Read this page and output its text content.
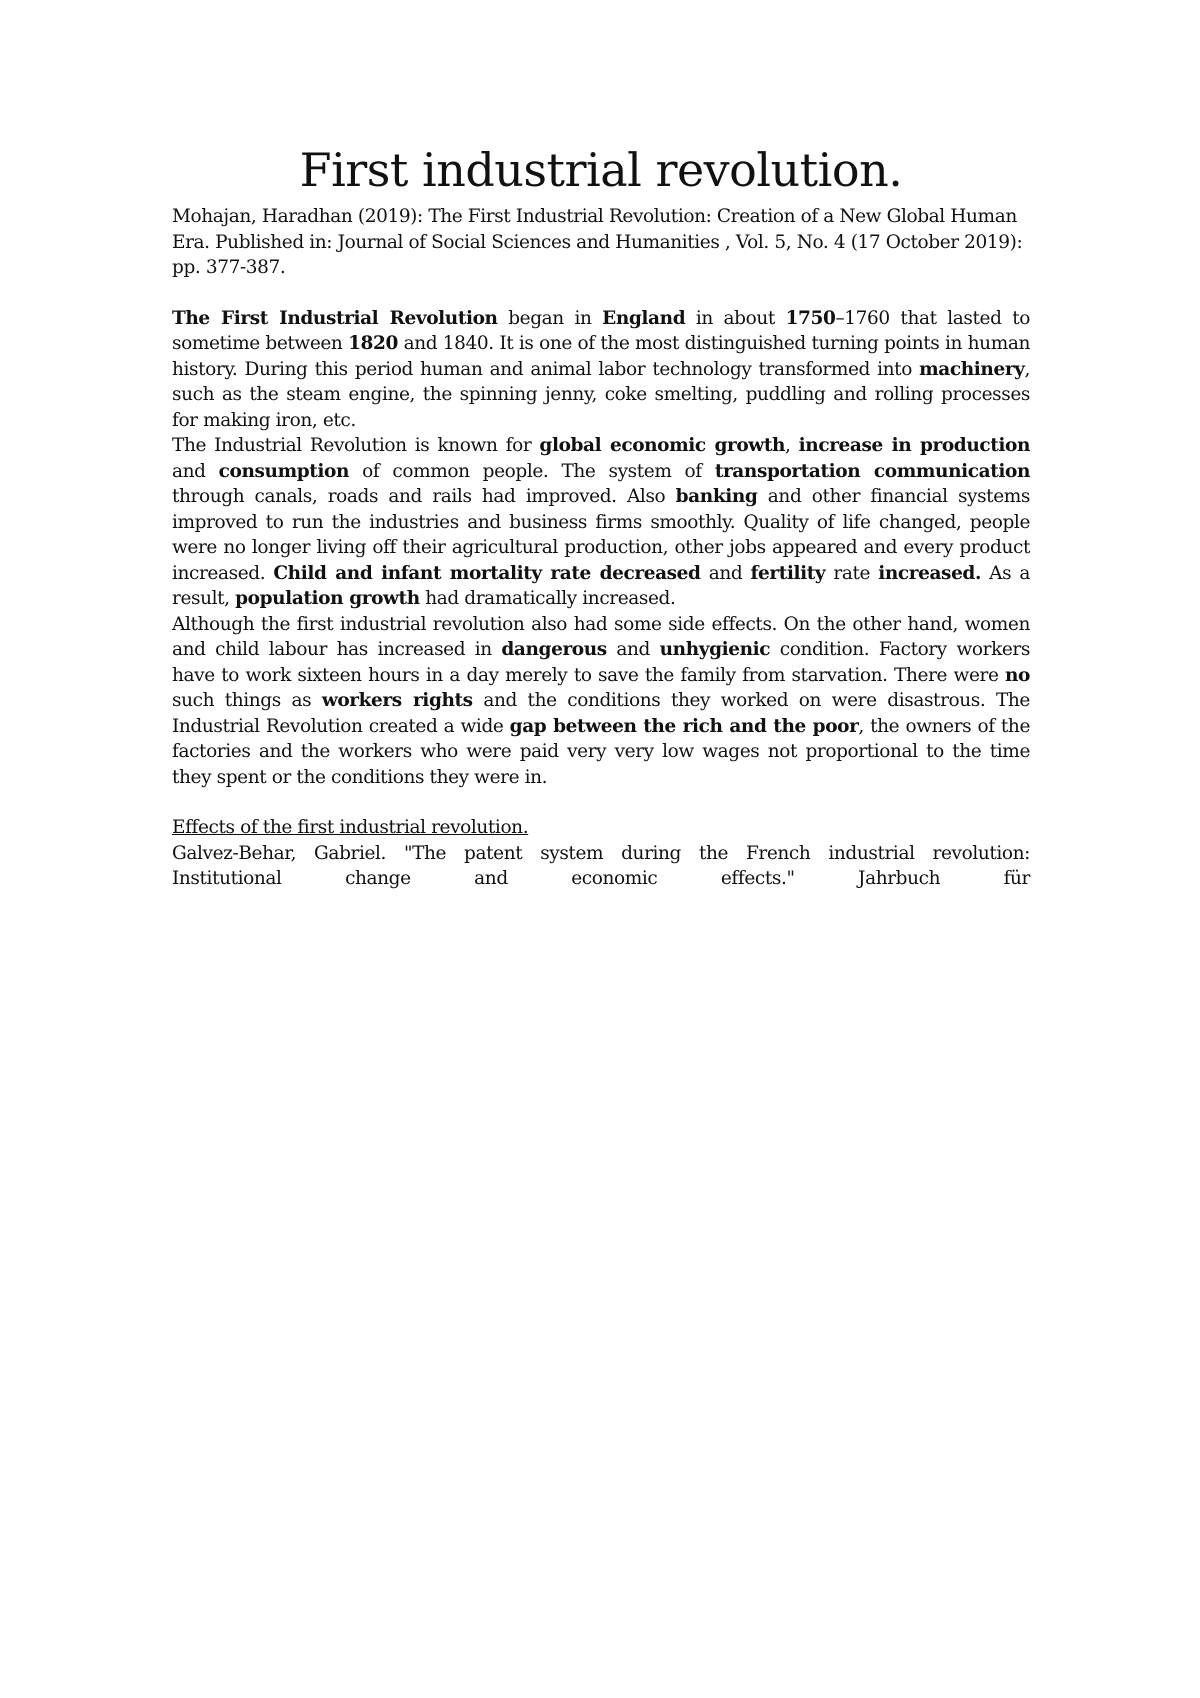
First industrial revolution.

Mohajan, Haradhan (2019): The First Industrial Revolution: Creation of a New Global Human Era. Published in: Journal of Social Sciences and Humanities , Vol. 5, No. 4 (17 October 2019): pp. 377-387.

The First Industrial Revolution began in England in about 1750–1760 that lasted to sometime between 1820 and 1840. It is one of the most distinguished turning points in human history. During this period human and animal labor technology transformed into machinery, such as the steam engine, the spinning jenny, coke smelting, puddling and rolling processes for making iron, etc.

The Industrial Revolution is known for global economic growth, increase in production and consumption of common people. The system of transportation communication through canals, roads and rails had improved. Also banking and other financial systems improved to run the industries and business firms smoothly. Quality of life changed, people were no longer living off their agricultural production, other jobs appeared and every product increased. Child and infant mortality rate decreased and fertility rate increased. As a result, population growth had dramatically increased.

Although the first industrial revolution also had some side effects. On the other hand, women and child labour has increased in dangerous and unhygienic condition. Factory workers have to work sixteen hours in a day merely to save the family from starvation. There were no such things as workers rights and the conditions they worked on were disastrous. The Industrial Revolution created a wide gap between the rich and the poor, the owners of the factories and the workers who were paid very very low wages not proportional to the time they spent or the conditions they were in.

Effects of the first industrial revolution.

Galvez-Behar, Gabriel. "The patent system during the French industrial revolution: Institutional change and economic effects." Jahrbuch für
